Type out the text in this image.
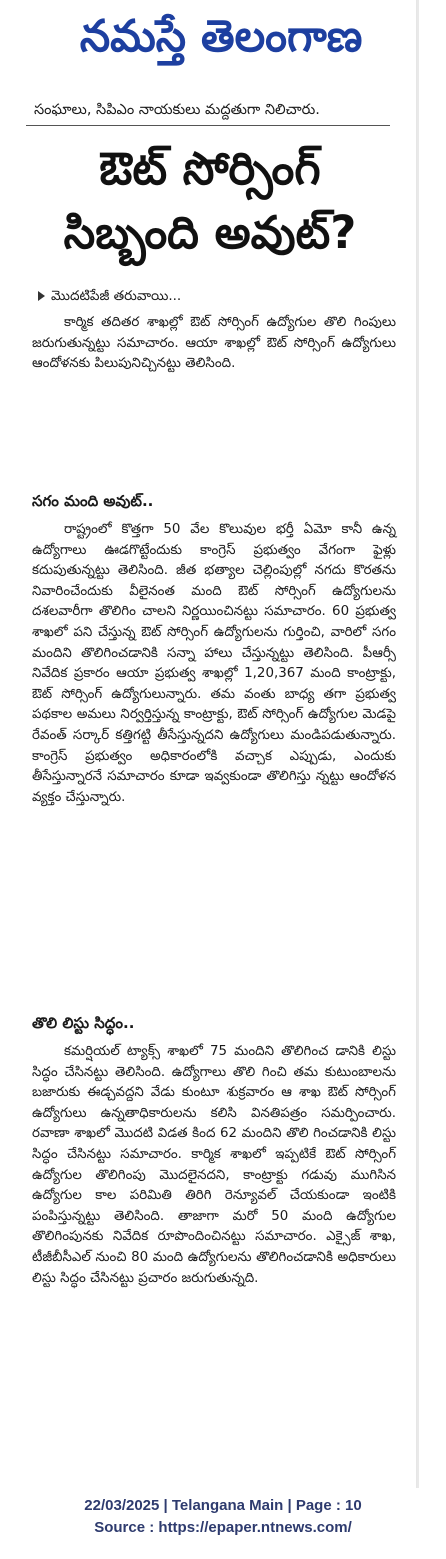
నమస్తే తెలంగాణ
సంఘాలు, సిపిఎం నాయకులు మద్దతుగా నిలిచారు.
ఔట్ సోర్సింగ్
సిబ్బంది అవుట్?
మొదటిపేజీ తరువాయి...

కార్మిక తదితర శాఖల్లో ఔట్ సోర్సింగ్ ఉద్యోగుల తొలి గింపులు జరుగుతున్నట్టు సమాచారం. ఆయా శాఖల్లో ఔట్ సోర్సింగ్ ఉద్యోగులు ఆందోళనకు పిలుపునిచ్చినట్టు తెలిసింది.

సగం మంది అవుట్..

రాష్ట్రంలో కొత్తగా 50 వేల కొలువుల భర్తీ ఏమో కానీ ఉన్న ఉద్యోగాలు ఊడగొట్టేందుకు కాంగ్రెస్ ప్రభుత్వం వేగంగా ఫైళ్లు కదుపుతున్నట్టు తెలిసింది. జీత భత్యాల చెల్లింపుల్లో నగదు కొరతను నివారించేందుకు వీలైనంత మంది ఔట్ సోర్సింగ్ ఉద్యోగులను దశలవారీగా తొలిగిం చాలని నిర్ణయించినట్టు సమాచారం. 60 ప్రభుత్వ శాఖలో పని చేస్తున్న ఔట్ సోర్సింగ్ ఉద్యోగులను గుర్తించి, వారిలో సగం మందిని తొలిగించడానికి సన్నా హాలు చేస్తున్నట్టు తెలిసింది. పీఆర్సీ నివేదిక ప్రకారం ఆయా ప్రభుత్వ శాఖల్లో 1,20,367 మంది కాంట్రాక్టు, ఔట్ సోర్సింగ్ ఉద్యోగులున్నారు. తమ వంతు బాధ్య తగా ప్రభుత్వ పథకాల అమలు నిర్వర్తిస్తున్న కాంట్రాక్టు, ఔట్ సోర్సింగ్ ఉద్యోగుల మెడపై రేవంత్ సర్కార్ కత్తిగట్టి తీసేస్తున్నదని ఉద్యోగులు మండిపడుతున్నారు. కాంగ్రెస్ ప్రభుత్వం అధికారంలోకి వచ్చాక ఎప్పుడు, ఎందుకు తీసేస్తున్నారనే సమాచారం కూడా ఇవ్వకుండా తొలిగిస్తు న్నట్టు ఆందోళన వ్యక్తం చేస్తున్నారు.

తొలి లిస్టు సిద్ధం..

కమర్షియల్ ట్యాక్స్ శాఖలో 75 మందిని తొలిగించ డానికి లిస్టు సిద్ధం చేసినట్టు తెలిసింది. ఉద్యోగాలు తొలి గించి తమ కుటుంబాలను బజారుకు ఈడ్చవద్దని వేడు కుంటూ శుక్రవారం ఆ శాఖ ఔట్ సోర్సింగ్ ఉద్యోగులు ఉన్నతాధికారులను కలిసి వినతిపత్రం సమర్పించారు. రవాణా శాఖలో మొదటి విడత కింద 62 మందిని తొలి గించడానికి లిస్టు సిద్ధం చేసినట్టు సమాచారం. కార్మిక శాఖలో ఇప్పటికే ఔట్ సోర్సింగ్ ఉద్యోగుల తొలిగింపు మొదలైనదని, కాంట్రాక్టు గడువు ముగిసిన ఉద్యోగుల కాల పరిమితి తిరిగి రెన్యూవల్ చేయకుండా ఇంటికి పంపిస్తున్నట్టు తెలిసింది. తాజాగా మరో 50 మంది ఉద్యోగుల తొలిగింపునకు నివేదిక రూపొందించినట్టు సమాచారం. ఎక్సైజ్ శాఖ, టీజీబీసీఎల్ నుంచి 80 మంది ఉద్యోగులను తొలిగించడానికి అధికారులు లిస్టు సిద్ధం చేసినట్టు ప్రచారం జరుగుతున్నది.

22/03/2025 | Telangana Main | Page : 10
Source : https://epaper.ntnews.com/
